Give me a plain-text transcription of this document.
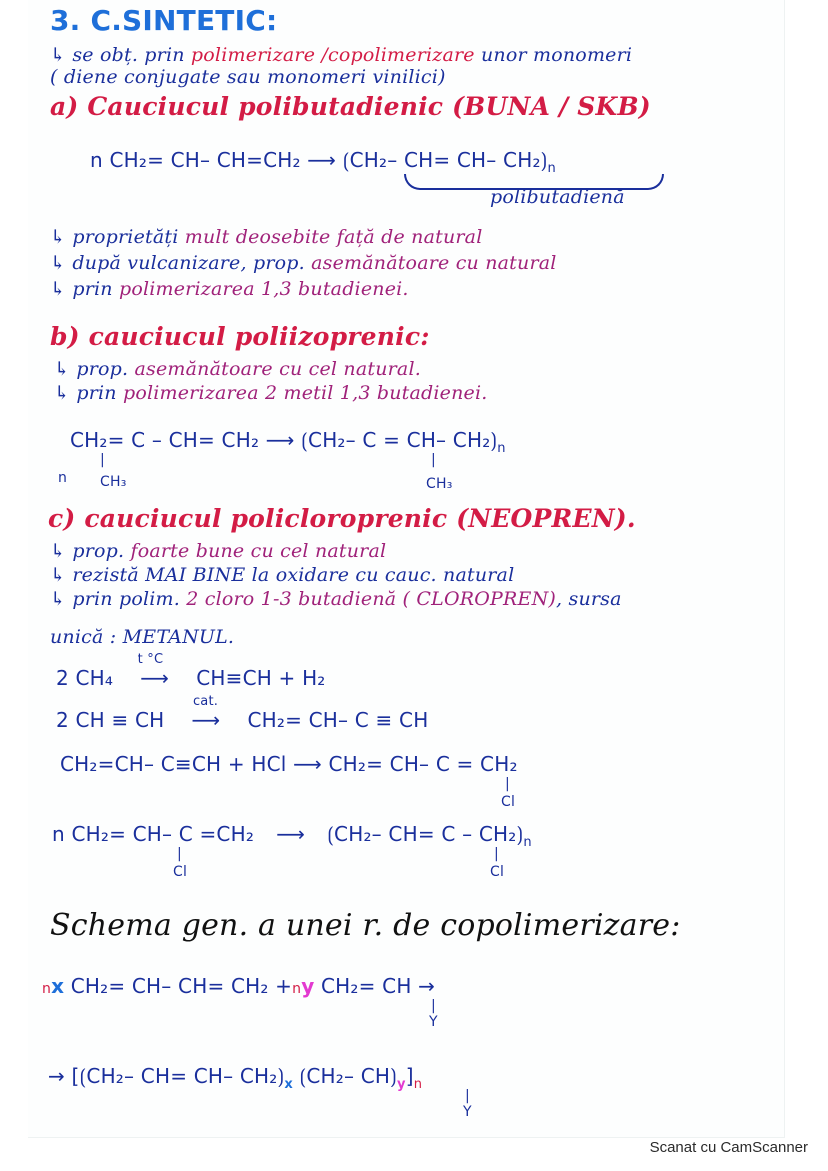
3. C.SINTETIC:
↳ se obț. prin polimerizare /copolimerizare unor monomeri
( diene conjugate sau monomeri vinilici)
a) Cauciucul polibutadienic (BUNA / SKB)
n CH₂= CH– CH=CH₂ ⟶ ⟮CH₂– CH= CH– $CH_2⟯_n$
polibutadienă
↳ proprietăți mult deosebite față de natural
↳ după vulcanizare, prop. asemănătoare cu natural
↳ prin polimerizarea 1,3 butadienei.
b) cauciucul poliizoprenic:
↳ prop. asemănătoare cu cel natural.
↳ prin polimerizarea 2 metil 1,3 butadienei.
CH₂= C – CH= CH₂ ⟶ ⟮CH₂– C = CH– $CH_2⟯_n$
n
|
CH₃
|
CH₃
c) cauciucul policloroprenic (NEOPREN).
↳ prop. foarte bune cu cel natural
↳ rezistă MAI BINE la oxidare cu cauc. natural
↳ prin polim. 2 cloro 1-3 butadienă ( CLOROPREN), sursa
unică : METANUL.
2 CH₄
t °C
⟶ CH≡CH + H₂
2 CH ≡ CH
cat.
⟶ CH₂= CH– C ≡ CH
CH₂=CH– C≡CH + HCl ⟶ CH₂= CH– C = CH₂
|
Cl
n CH₂= CH– C =CH₂ ⟶ ⟮CH₂– $CH= C - CH_2⟯_n$
|
Cl
|
Cl
Schema gen. a unei r. de copolimerizare:
nx CH₂= CH– CH= CH₂ +ny CH₂= CH →
|
Y
→ [⟮CH₂– CH= CH– $CH_2⟯_x$ ⟮CH₂– $CH⟯_y]_n$
|
Y
Scanat cu CamScanner
